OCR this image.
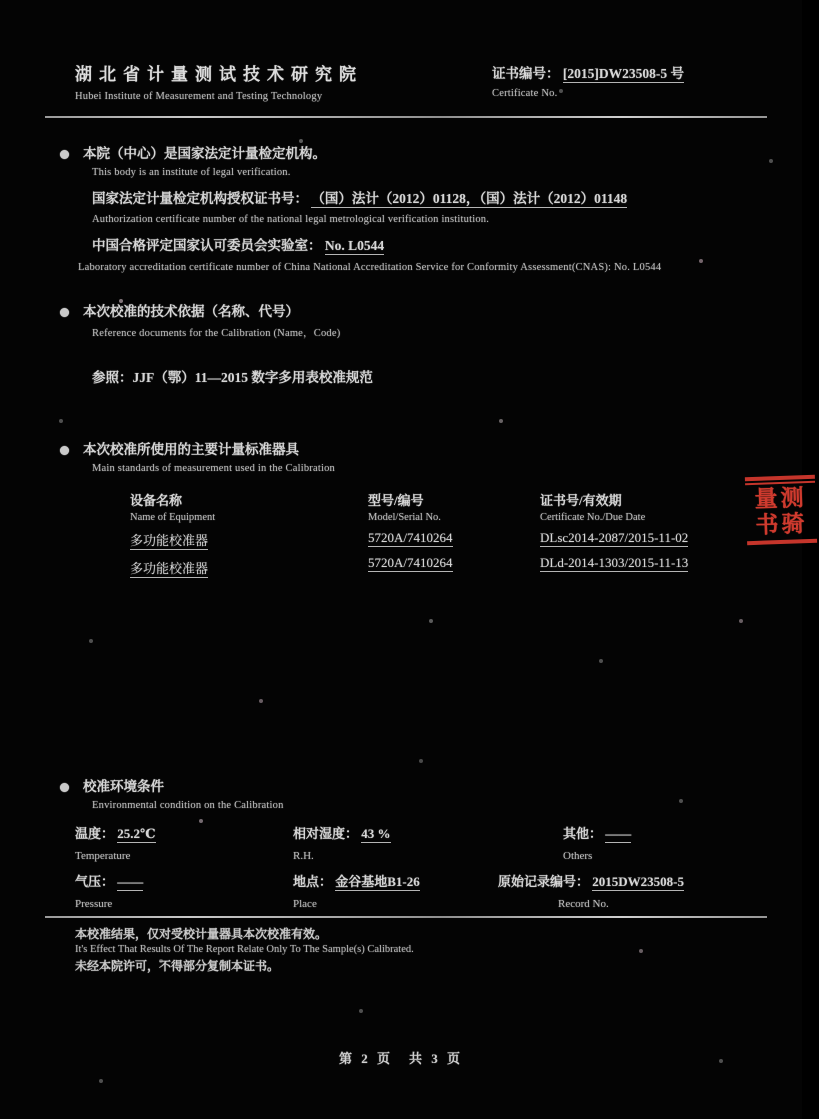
湖北省计量测试技术研究院
Hubei Institute of Measurement and Testing Technology
证书编号： [2015]DW23508-5 号
Certificate No.
本院（中心）是国家法定计量检定机构。
This body is an institute of legal verification.
国家法定计量检定机构授权证书号： （国）法计（2012）01128，（国）法计（2012）01148
Authorization certificate number of the national legal metrological verification institution.
中国合格评定国家认可委员会实验室： No. L0544
Laboratory accreditation certificate number of China National Accreditation Service for Conformity Assessment(CNAS): No. L0544
本次校准的技术依据（名称、代号）
Reference documents for the Calibration (Name，Code)
参照：JJF（鄂）11—2015 数字多用表校准规范
本次校准所使用的主要计量标准器具
Main standards of measurement used in the Calibration
设备名称
Name of Equipment
多功能校准器
多功能校准器
型号/编号
Model/Serial No.
5720A/7410264
5720A/7410264
证书号/有效期
Certificate No./Due Date
DLsc2014-2087/2015-11-02
DLd-2014-1303/2015-11-13
量测
书骑
校准环境条件
Environmental condition on the Calibration
温度： 25.2℃
Temperature
相对湿度： 43 %
R.H.
其他： ——
Others
气压： ——
Pressure
地点： 金谷基地B1-26
Place
原始记录编号： 2015DW23508-5
Record No.
本校准结果，仅对受校计量器具本次校准有效。
It's Effect That Results Of The Report Relate Only To The Sample(s) Calibrated.
未经本院许可，不得部分复制本证书。
第 2 页　共 3 页
